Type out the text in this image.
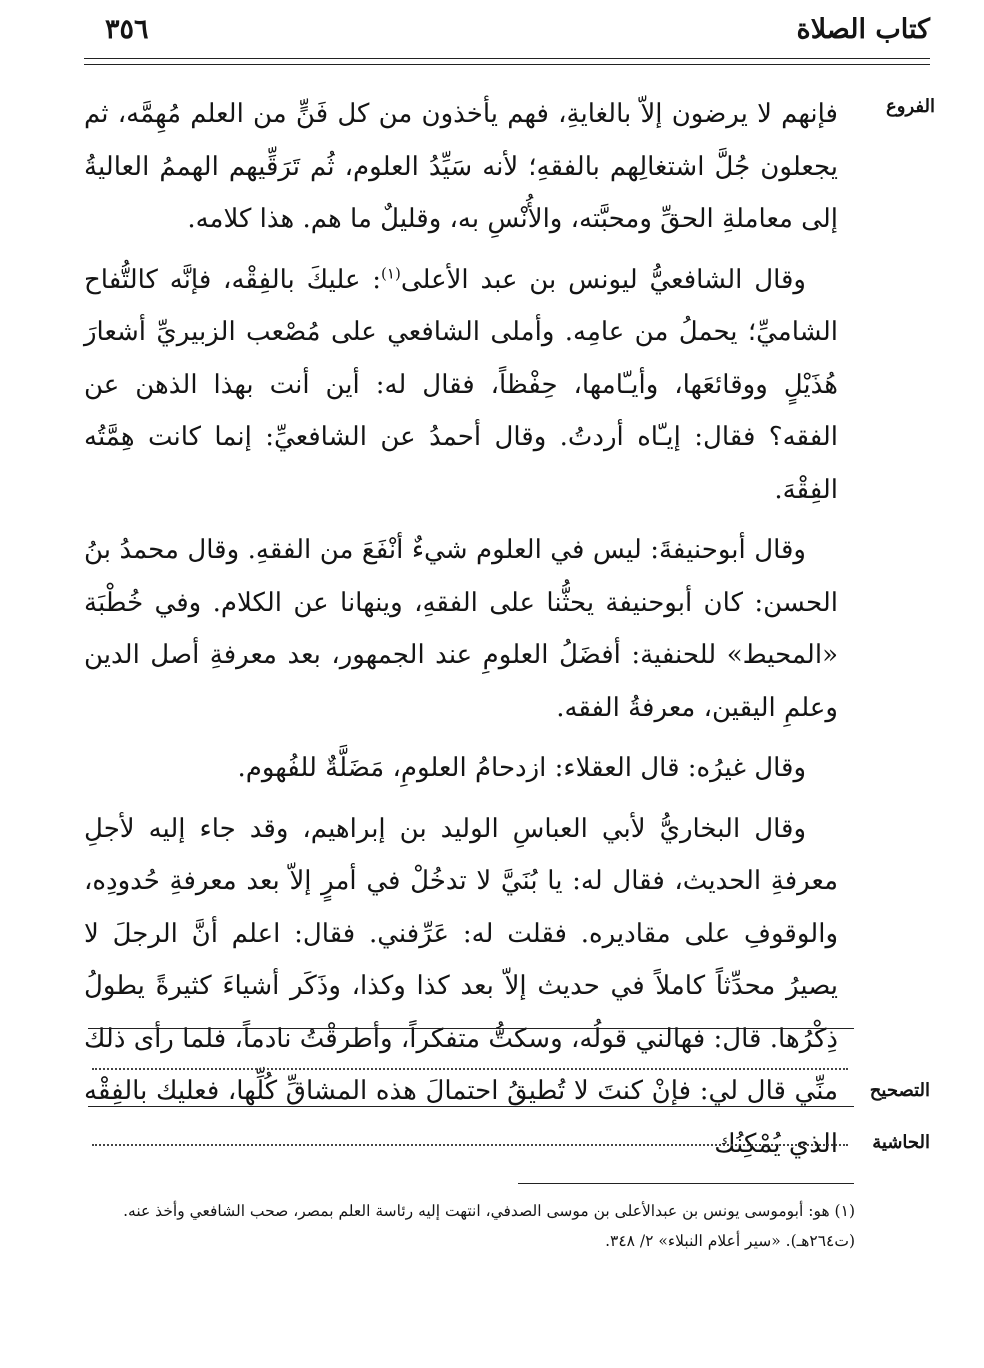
٣٥٦	كتاب الصلاة
الفروع

فإنهم لا يرضون إلاّ بالغايةِ، فهم يأخذون من كل فَنٍّ من العلم مُهِمَّه، ثم يجعلون جُلَّ اشتغالِهم بالفقهِ؛ لأنه سَيِّدُ العلوم، ثُم تَرَقِّيهم الهممُ العاليةُ إلى معاملةِ الحقِّ ومحبَّته، والأُنْسِ به، وقليلٌ ما هم. هذا كلامه.

وقال الشافعيُّ ليونس بن عبد الأعلى$^{(١)}$: عليكَ بالفِقْه، فإنَّه كالتُّفاح الشاميِّ؛ يحملُ من عامِه. وأملى الشافعي على مُصْعب الزبيريِّ أشعارَ هُذَيْلٍ ووقائعَها، وأيـّامها، حِفْظاً، فقال له: أين أنت بهذا الذهن عن الفقه؟ فقال: إيـّاه أردتُ. وقال أحمدُ عن الشافعيِّ: إنما كانت هِمَّتُه الفِقْهَ.

وقال أبوحنيفةَ: ليس في العلوم شيءٌ أنْفَعَ من الفقهِ. وقال محمدُ بنُ الحسن: كان أبوحنيفة يحثُّنا على الفقهِ، وينهانا عن الكلام. وفي خُطْبَة «المحيط» للحنفية: أفضَلُ العلومِ عند الجمهور، بعد معرفةِ أصل الدين وعلمِ اليقين، معرفةُ الفقه.

وقال غيرُه: قال العقلاء: ازدحامُ العلومِ، مَضَلَّةٌ للفُهوم.

وقال البخاريُّ لأبي العباسِ الوليد بن إبراهيم، وقد جاء إليه لأجلِ معرفةِ الحديث، فقال له: يا بُنَيَّ لا تدخُلْ في أمرٍ إلاّ بعد معرفةِ حُدودِه، والوقوفِ على مقاديره. فقلت له: عَرِّفني. فقال: اعلم أنَّ الرجلَ لا يصيرُ محدِّثاً كاملاً في حديث إلاّ بعد كذا وكذا، وذَكَر أشياءَ كثيرةً يطولُ ذِكْرُها. قال: فهالني قولُه، وسكتُّ متفكراً، وأطرقْتُ نادماً، فلما رأى ذلك منِّي قال لي: فإنْ كنتَ لا تُطيقُ احتمالَ هذه المشاقِّ كُلِّها، فعليك بالفِقْه الذي يُمْكِنُك

التصحيح
الحاشية
(١) هو: أبوموسى يونس بن عبدالأعلى بن موسى الصدفي، انتهت إليه رئاسة العلم بمصر، صحب الشافعي وأخذ عنه.
(ت٢٦٤هـ). «سير أعلام النبلاء» ٢/ ٣٤٨.
